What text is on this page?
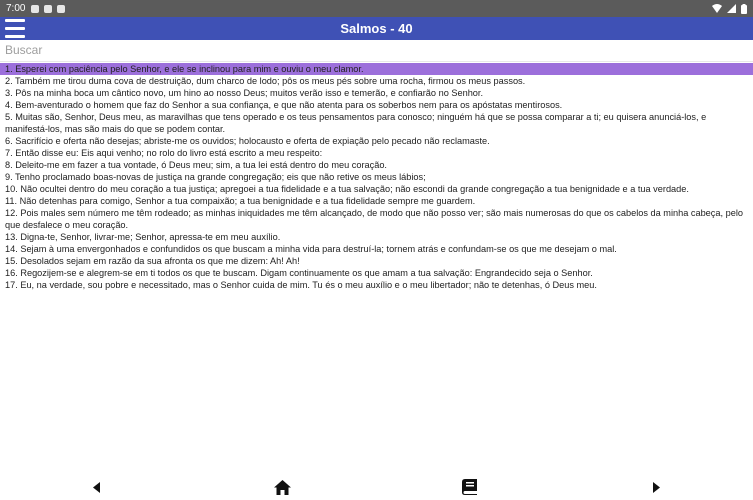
7:00
Salmos - 40
Buscar
1. Esperei com paciência pelo Senhor, e ele se inclinou para mim e ouviu o meu clamor.
2. Também me tirou duma cova de destruição, dum charco de lodo; pôs os meus pés sobre uma rocha, firmou os meus passos.
3. Pôs na minha boca um cântico novo, um hino ao nosso Deus; muitos verão isso e temerão, e confiarão no Senhor.
4. Bem-aventurado o homem que faz do Senhor a sua confiança, e que não atenta para os soberbos nem para os apóstatas mentirosos.
5. Muitas são, Senhor, Deus meu, as maravilhas que tens operado e os teus pensamentos para conosco; ninguém há que se possa comparar a ti; eu quisera anunciá-los, e manifestá-los, mas são mais do que se podem contar.
6. Sacrifício e oferta não desejas; abriste-me os ouvidos; holocausto e oferta de expiação pelo pecado não reclamaste.
7. Então disse eu: Eis aqui venho; no rolo do livro está escrito a meu respeito:
8. Deleito-me em fazer a tua vontade, ó Deus meu; sim, a tua lei está dentro do meu coração.
9. Tenho proclamado boas-novas de justiça na grande congregação; eis que não retive os meus lábios;
10. Não ocultei dentro do meu coração a tua justiça; apregoei a tua fidelidade e a tua salvação; não escondi da grande congregação a tua benignidade e a tua verdade.
11. Não detenhas para comigo, Senhor a tua compaixão; a tua benignidade e a tua fidelidade sempre me guardem.
12. Pois males sem número me têm rodeado; as minhas iniquidades me têm alcançado, de modo que não posso ver; são mais numerosas do que os cabelos da minha cabeça, pelo que desfalece o meu coração.
13. Digna-te, Senhor, livrar-me; Senhor, apressa-te em meu auxílio.
14. Sejam à uma envergonhados e confundidos os que buscam a minha vida para destruí-la; tornem atrás e confundam-se os que me desejam o mal.
15. Desolados sejam em razão da sua afronta os que me dizem: Ah! Ah!
16. Regozijem-se e alegrem-se em ti todos os que te buscam. Digam continuamente os que amam a tua salvação: Engrandecido seja o Senhor.
17. Eu, na verdade, sou pobre e necessitado, mas o Senhor cuida de mim. Tu és o meu auxílio e o meu libertador; não te detenhas, ó Deus meu.
